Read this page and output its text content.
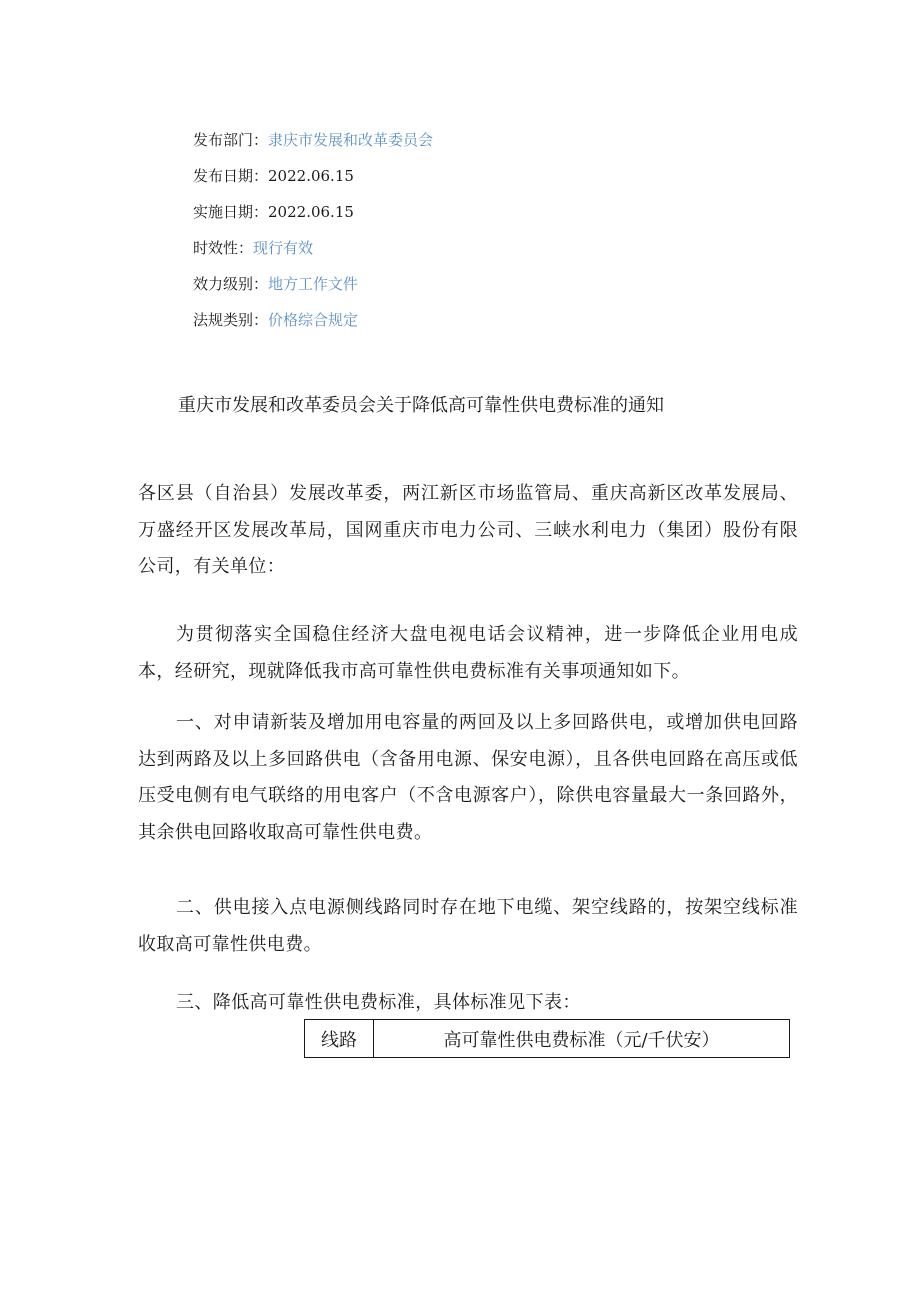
发布部门：隶庆市发展和改革委员会
发布日期：2022.06.15
实施日期：2022.06.15
时效性：现行有效
效力级别：地方工作文件
法规类别：价格综合规定
重庆市发展和改革委员会关于降低高可靠性供电费标准的通知
各区县（自治县）发展改革委，两江新区市场监管局、重庆高新区改革发展局、万盛经开区发展改革局，国网重庆市电力公司、三峡水利电力（集团）股份有限公司，有关单位：
为贯彻落实全国稳住经济大盘电视电话会议精神，进一步降低企业用电成本，经研究，现就降低我市高可靠性供电费标准有关事项通知如下。
一、对申请新装及增加用电容量的两回及以上多回路供电，或增加供电回路达到两路及以上多回路供电（含备用电源、保安电源），且各供电回路在高压或低压受电侧有电气联络的用电客户（不含电源客户），除供电容量最大一条回路外，其余供电回路收取高可靠性供电费。
二、供电接入点电源侧线路同时存在地下电缆、架空线路的，按架空线标准收取高可靠性供电费。
三、降低高可靠性供电费标准，具体标准见下表：
线路	高可靠性供电费标准（元/千伏安）
